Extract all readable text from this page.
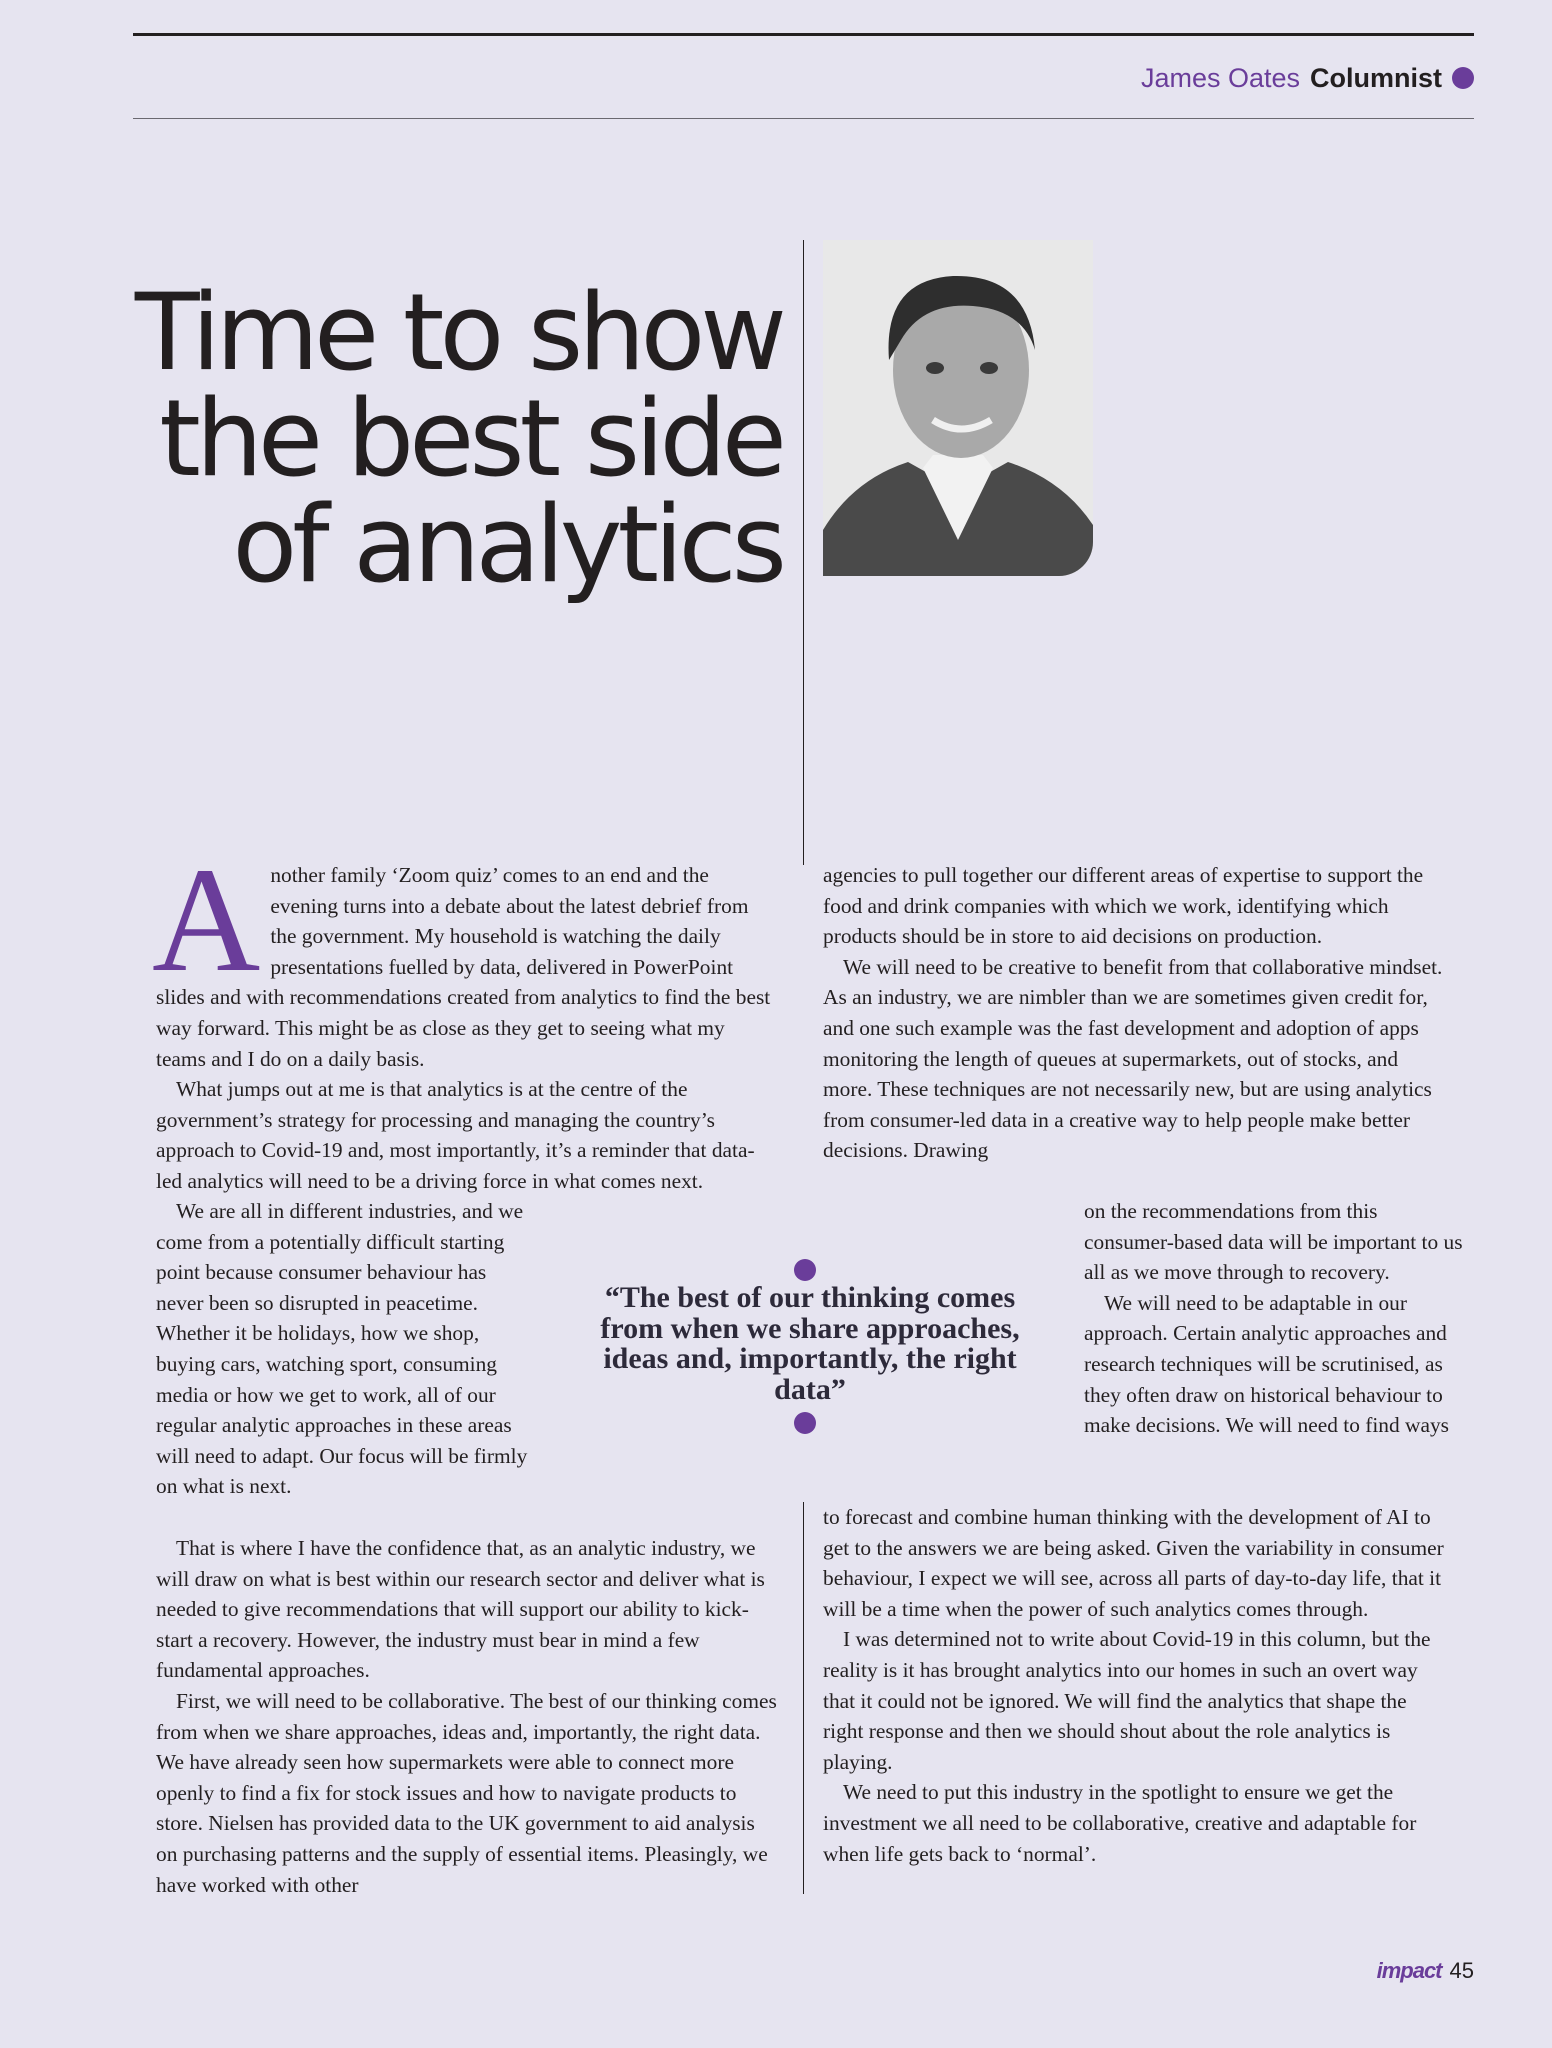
James Oates Columnist
Time to show the best side of analytics
A nother family ‘Zoom quiz’ comes to an end and the evening turns into a debate about the latest debrief from the government. My household is watching the daily presentations fuelled by data, delivered in PowerPoint slides and with recommendations created from analytics to find the best way forward. This might be as close as they get to seeing what my teams and I do on a daily basis.

What jumps out at me is that analytics is at the centre of the government’s strategy for processing and managing the country’s approach to Covid-19 and, most importantly, it’s a reminder that data-led analytics will need to be a driving force in what comes next.

We are all in different industries, and we come from a potentially difficult starting point because consumer behaviour has never been so disrupted in peacetime. Whether it be holidays, how we shop, buying cars, watching sport, consuming media or how we get to work, all of our regular analytic approaches in these areas will need to adapt. Our focus will be firmly on what is next.

That is where I have the confidence that, as an analytic industry, we will draw on what is best within our research sector and deliver what is needed to give recommendations that will support our ability to kick-start a recovery. However, the industry must bear in mind a few fundamental approaches.

First, we will need to be collaborative. The best of our thinking comes from when we share approaches, ideas and, importantly, the right data. We have already seen how supermarkets were able to connect more openly to find a fix for stock issues and how to navigate products to store. Nielsen has provided data to the UK government to aid analysis on purchasing patterns and the supply of essential items. Pleasingly, we have worked with other

agencies to pull together our different areas of expertise to support the food and drink companies with which we work, identifying which products should be in store to aid decisions on production.

We will need to be creative to benefit from that collaborative mindset. As an industry, we are nimbler than we are sometimes given credit for, and one such example was the fast development and adoption of apps monitoring the length of queues at supermarkets, out of stocks, and more. These techniques are not necessarily new, but are using analytics from consumer-led data in a creative way to help people make better decisions. Drawing

on the recommendations from this consumer-based data will be important to us all as we move through to recovery.

We will need to be adaptable in our approach. Certain analytic approaches and research techniques will be scrutinised, as they often draw on historical behaviour to make decisions. We will need to find ways

“The best of our thinking comes from when we share approaches, ideas and, importantly, the right data”

to forecast and combine human thinking with the development of AI to get to the answers we are being asked. Given the variability in consumer behaviour, I expect we will see, across all parts of day-to-day life, that it will be a time when the power of such analytics comes through.

I was determined not to write about Covid-19 in this column, but the reality is it has brought analytics into our homes in such an overt way that it could not be ignored. We will find the analytics that shape the right response and then we should shout about the role analytics is playing.

We need to put this industry in the spotlight to ensure we get the investment we all need to be collaborative, creative and adaptable for when life gets back to ‘normal’.

impact 45
